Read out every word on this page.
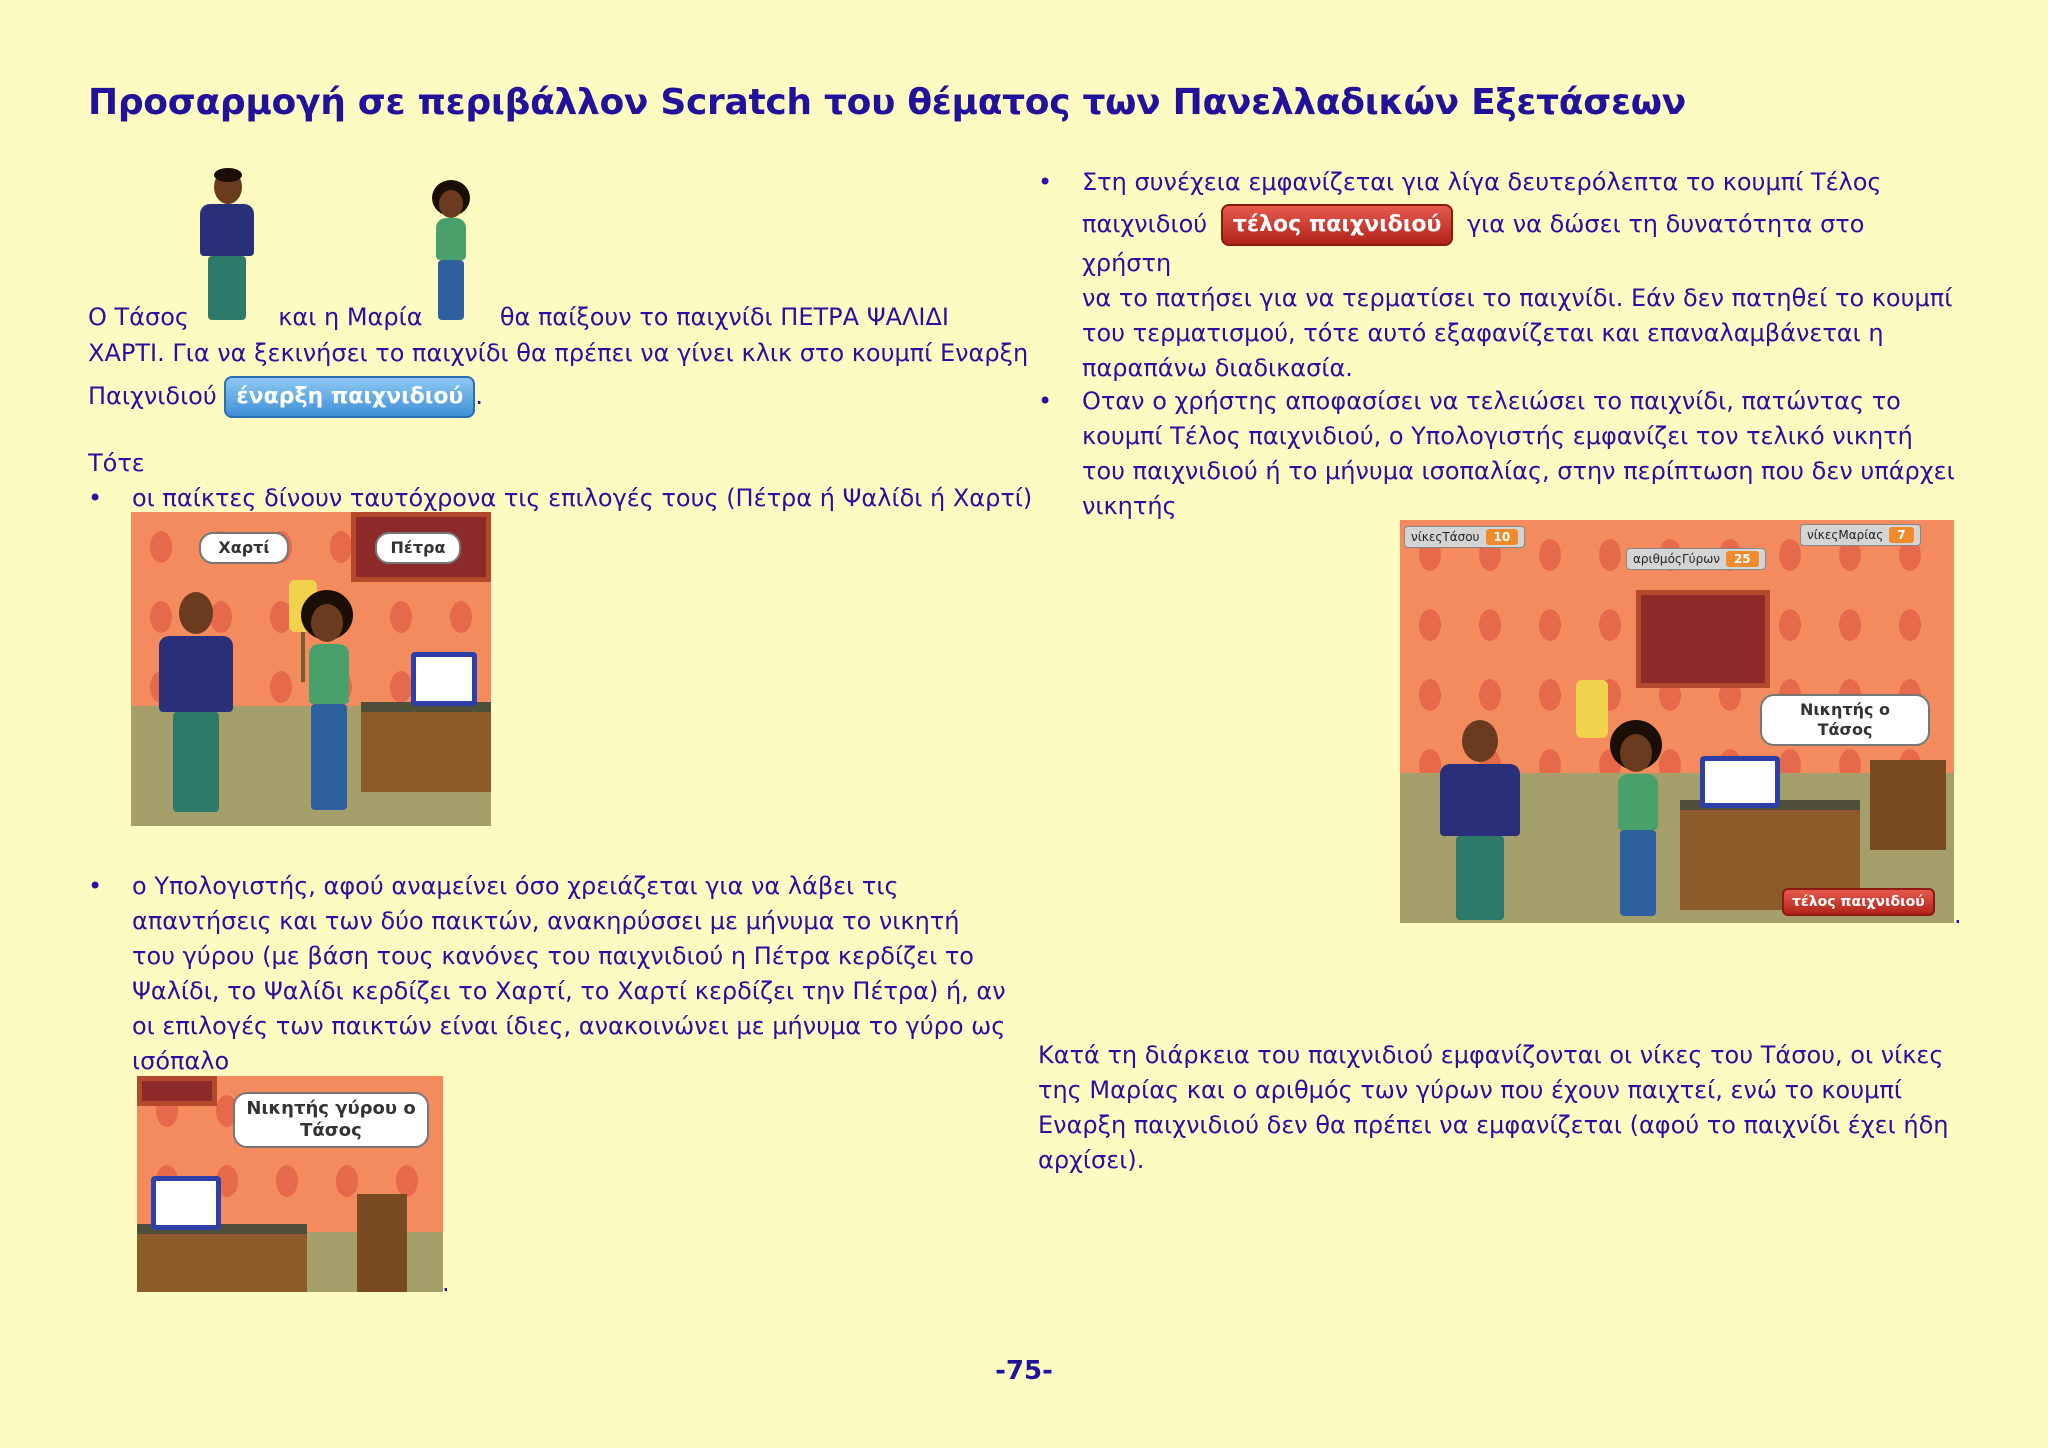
Προσαρμογή σε περιβάλλον Scratch του θέματος των Πανελλαδικών Εξετάσεων

Ο Τάσος	και η Μαρία	θα παίξουν το παιχνίδι ΠΕΤΡΑ ΨΑΛΙΔΙ

ΧΑΡΤΙ. Για να ξεκινήσει το παιχνίδι θα πρέπει να γίνει κλικ στο κουμπί Εναρξη

Παιχνιδιού έναρξη παιχνιδιού .

Τότε

• οι παίκτες δίνουν ταυτόχρονα τις επιλογές τους (Πέτρα ή Ψαλίδι ή Χαρτί)
Χαρτί	Πέτρα
• ο Υπολογιστής, αφού αναμείνει όσο χρειάζεται για να λάβει τις απαντήσεις και των δύο παικτών, ανακηρύσσει με μήνυμα το νικητή του γύρου (με βάση τους κανόνες του παιχνιδιού η Πέτρα κερδίζει το Ψαλίδι, το Ψαλίδι κερδίζει το Χαρτί, το Χαρτί κερδίζει την Πέτρα) ή, αν οι επιλογές των παικτών είναι ίδιες, ανακοινώνει με μήνυμα το γύρο ως ισόπαλο
Νικητής γύρου ο Τάσος
.
• Στη συνέχεια εμφανίζεται για λίγα δευτερόλεπτα το κουμπί Τέλος
παιχνιδιού τέλος παιχνιδιού για να δώσει τη δυνατότητα στο χρήστη
να το πατήσει για να τερματίσει το παιχνίδι. Εάν δεν πατηθεί το κουμπί του τερματισμού, τότε αυτό εξαφανίζεται και επαναλαμβάνεται η παραπάνω διαδικασία.
• Οταν ο χρήστης αποφασίσει να τελειώσει το παιχνίδι, πατώντας το κουμπί Τέλος παιχνιδιού, ο Υπολογιστής εμφανίζει τον τελικό νικητή του παιχνιδιού ή το μήνυμα ισοπαλίας, στην περίπτωση που δεν υπάρχει νικητής
νίκεςΤάσου 10
αριθμόςΓύρων 25
νίκεςΜαρίας 7
Νικητής ο Τάσος
τέλος παιχνιδιού	.

Κατά τη διάρκεια του παιχνιδιού εμφανίζονται οι νίκες του Τάσου, οι νίκες της Μαρίας και ο αριθμός των γύρων που έχουν παιχτεί, ενώ το κουμπί Εναρξη παιχνιδιού δεν θα πρέπει να εμφανίζεται (αφού το παιχνίδι έχει ήδη αρχίσει).

-75-
